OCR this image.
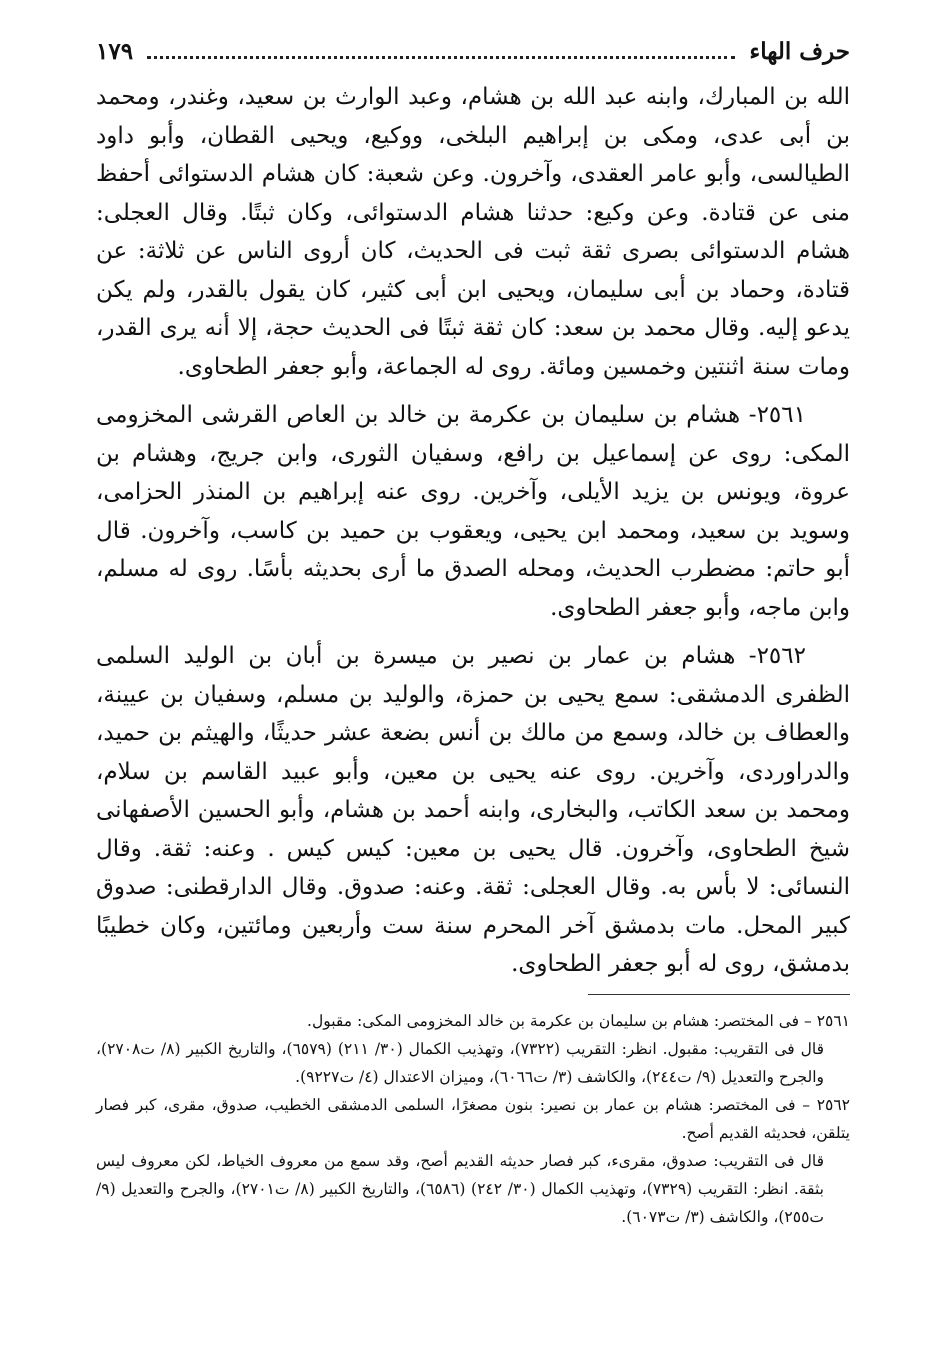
حرف الهاء
١٧٩

الله بن المبارك، وابنه عبد الله بن هشام، وعبد الوارث بن سعيد، وغندر، ومحمد بن أبى عدى، ومكى بن إبراهيم البلخى، ووكيع، ويحيى القطان، وأبو داود الطيالسى، وأبو عامر العقدى، وآخرون. وعن شعبة: كان هشام الدستوائى أحفظ منى عن قتادة. وعن وكيع: حدثنا هشام الدستوائى، وكان ثبتًا. وقال العجلى: هشام الدستوائى بصرى ثقة ثبت فى الحديث، كان أروى الناس عن ثلاثة: عن قتادة، وحماد بن أبى سليمان، ويحيى ابن أبى كثير، كان يقول بالقدر، ولم يكن يدعو إليه. وقال محمد بن سعد: كان ثقة ثبتًا فى الحديث حجة، إلا أنه يرى القدر، ومات سنة اثنتين وخمسين ومائة. روى له الجماعة، وأبو جعفر الطحاوى.

٢٥٦١- هشام بن سليمان بن عكرمة بن خالد بن العاص القرشى المخزومى المكى: روى عن إسماعيل بن رافع، وسفيان الثورى، وابن جريج، وهشام بن عروة، ويونس بن يزيد الأيلى، وآخرين. روى عنه إبراهيم بن المنذر الحزامى، وسويد بن سعيد، ومحمد ابن يحيى، ويعقوب بن حميد بن كاسب، وآخرون. قال أبو حاتم: مضطرب الحديث، ومحله الصدق ما أرى بحديثه بأسًا. روى له مسلم، وابن ماجه، وأبو جعفر الطحاوى.

٢٥٦٢- هشام بن عمار بن نصير بن ميسرة بن أبان بن الوليد السلمى الظفرى الدمشقى: سمع يحيى بن حمزة، والوليد بن مسلم، وسفيان بن عيينة، والعطاف بن خالد، وسمع من مالك بن أنس بضعة عشر حديثًا، والهيثم بن حميد، والدراوردى، وآخرين. روى عنه يحيى بن معين، وأبو عبيد القاسم بن سلام، ومحمد بن سعد الكاتب، والبخارى، وابنه أحمد بن هشام، وأبو الحسين الأصفهانى شيخ الطحاوى، وآخرون. قال يحيى بن معين: كيس كيس . وعنه: ثقة. وقال النسائى: لا بأس به. وقال العجلى: ثقة. وعنه: صدوق. وقال الدارقطنى: صدوق كبير المحل. مات بدمشق آخر المحرم سنة ست وأربعين ومائتين، وكان خطيبًا بدمشق، روى له أبو جعفر الطحاوى.

٢٥٦١ – فى المختصر: هشام بن سليمان بن عكرمة بن خالد المخزومى المكى: مقبول.

قال فى التقريب: مقبول. انظر: التقريب (٧٣٢٢)، وتهذيب الكمال (٣٠/ ٢١١) (٦٥٧٩)، والتاريخ الكبير (٨/ ت٢٧٠٨)، والجرح والتعديل (٩/ ت٢٤٤)، والكاشف (٣/ ت٦٠٦٦)، وميزان الاعتدال (٤/ ت٩٢٢٧).

٢٥٦٢ – فى المختصر: هشام بن عمار بن نصير: بنون مصغرًا، السلمى الدمشقى الخطيب، صدوق، مقرى، كبر فصار يتلقن، فحديثه القديم أصح.

قال فى التقريب: صدوق، مقرىء، كبر فصار حديثه القديم أصح، وقد سمع من معروف الخياط، لكن معروف ليس بثقة. انظر: التقريب (٧٣٢٩)، وتهذيب الكمال (٣٠/ ٢٤٢) (٦٥٨٦)، والتاريخ الكبير (٨/ ت٢٧٠١)، والجرح والتعديل (٩/ ت٢٥٥)، والكاشف (٣/ ت٦٠٧٣).
